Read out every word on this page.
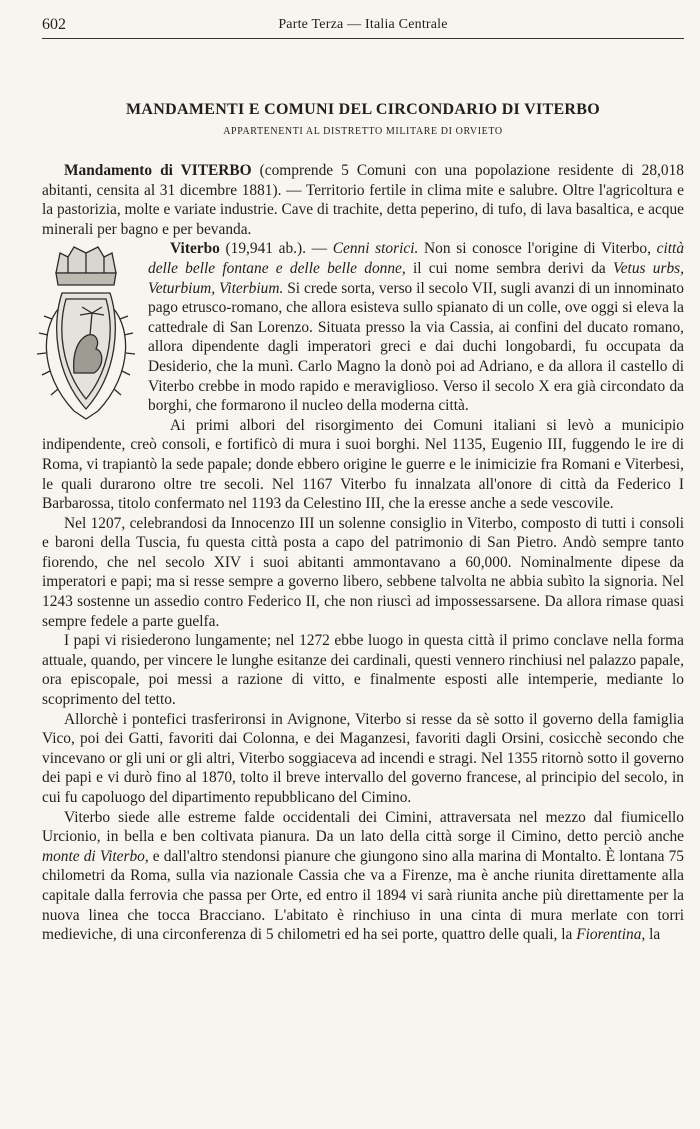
602	Parte Terza — Italia Centrale
MANDAMENTI E COMUNI DEL CIRCONDARIO DI VITERBO
APPARTENENTI AL DISTRETTO MILITARE DI ORVIETO

Mandamento di VITERBO (comprende 5 Comuni con una popolazione residente di 28,018 abitanti, censita al 31 dicembre 1881). — Territorio fertile in clima mite e salubre. Oltre l'agricoltura e la pastorizia, molte e variate industrie. Cave di trachite, detta peperino, di tufo, di lava basaltica, e acque minerali per bagno e per bevanda.

Viterbo (19,941 ab.). — Cenni storici. Non si conosce l'origine di Viterbo, città delle belle fontane e delle belle donne, il cui nome sembra derivi da Vetus urbs, Veturbium, Viterbium. Si crede sorta, verso il secolo VII, sugli avanzi di un innominato pago etrusco-romano, che allora esisteva sullo spianato di un colle, ove oggi si eleva la cattedrale di San Lorenzo. Situata presso la via Cassia, ai confini del ducato romano, allora dipendente dagli imperatori greci e dai duchi longobardi, fu occupata da Desiderio, che la munì. Carlo Magno la donò poi ad Adriano, e da allora il castello di Viterbo crebbe in modo rapido e meraviglioso. Verso il secolo X era già circondato da borghi, che formarono il nucleo della moderna città.

Ai primi albori del risorgimento dei Comuni italiani si levò a municipio indipendente, creò consoli, e fortificò di mura i suoi borghi. Nel 1135, Eugenio III, fuggendo le ire di Roma, vi trapiantò la sede papale; donde ebbero origine le guerre e le inimicizie fra Romani e Viterbesi, le quali durarono oltre tre secoli. Nel 1167 Viterbo fu innalzata all'onore di città da Federico I Barbarossa, titolo confermato nel 1193 da Celestino III, che la eresse anche a sede vescovile.

Nel 1207, celebrandosi da Innocenzo III un solenne consiglio in Viterbo, composto di tutti i consoli e baroni della Tuscia, fu questa città posta a capo del patrimonio di San Pietro. Andò sempre tanto fiorendo, che nel secolo XIV i suoi abitanti ammontavano a 60,000. Nominalmente dipese da imperatori e papi; ma si resse sempre a governo libero, sebbene talvolta ne abbia subìto la signoria. Nel 1243 sostenne un assedio contro Federico II, che non riuscì ad impossessarsene. Da allora rimase quasi sempre fedele a parte guelfa.

I papi vi risiederono lungamente; nel 1272 ebbe luogo in questa città il primo conclave nella forma attuale, quando, per vincere le lunghe esitanze dei cardinali, questi vennero rinchiusi nel palazzo papale, ora episcopale, poi messi a razione di vitto, e finalmente esposti alle intemperie, mediante lo scoprimento del tetto.

Allorchè i pontefici trasferironsi in Avignone, Viterbo si resse da sè sotto il governo della famiglia Vico, poi dei Gatti, favoriti dai Colonna, e dei Maganzesi, favoriti dagli Orsini, cosicchè secondo che vincevano or gli uni or gli altri, Viterbo soggiaceva ad incendi e stragi. Nel 1355 ritornò sotto il governo dei papi e vi durò fino al 1870, tolto il breve intervallo del governo francese, al principio del secolo, in cui fu capoluogo del dipartimento repubblicano del Cimino.

Viterbo siede alle estreme falde occidentali dei Cimini, attraversata nel mezzo dal fiumicello Urcionio, in bella e ben coltivata pianura. Da un lato della città sorge il Cimino, detto perciò anche monte di Viterbo, e dall'altro stendonsi pianure che giungono sino alla marina di Montalto. È lontana 75 chilometri da Roma, sulla via nazionale Cassia che va a Firenze, ma è anche riunita direttamente alla capitale dalla ferrovia che passa per Orte, ed entro il 1894 vi sarà riunita anche più direttamente per la nuova linea che tocca Bracciano. L'abitato è rinchiuso in una cinta di mura merlate con torri medieviche, di una circonferenza di 5 chilometri ed ha sei porte, quattro delle quali, la Fiorentina, la
